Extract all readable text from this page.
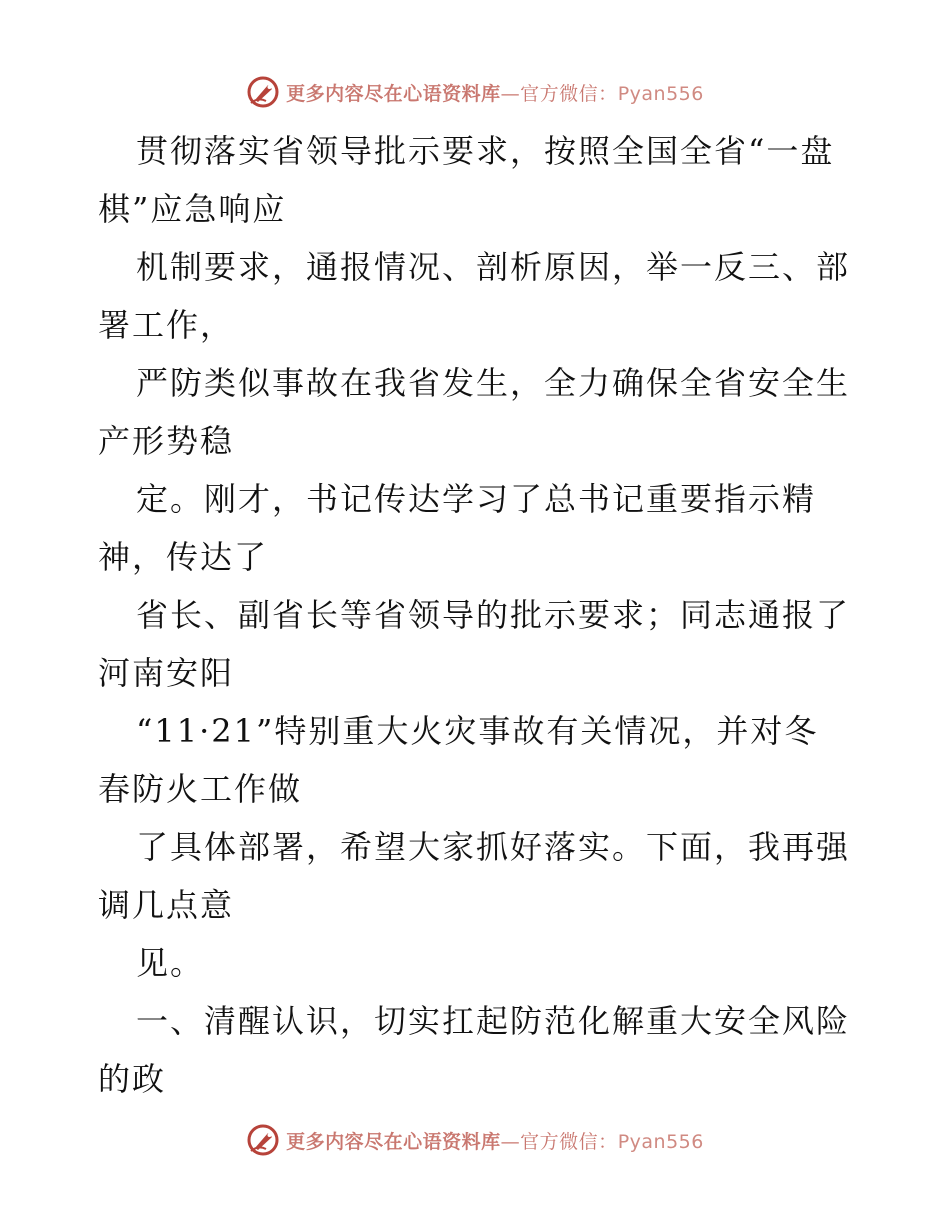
更多内容尽在心语资料库—官方微信：Pyan556
贯彻落实省领导批示要求，按照全国全省“一盘
棋”应急响应
机制要求，通报情况、剖析原因，举一反三、部
署工作，
严防类似事故在我省发生，全力确保全省安全生
产形势稳
定。刚才，书记传达学习了总书记重要指示精
神，传达了
省长、副省长等省领导的批示要求；同志通报了
河南安阳
“11·21”特别重大火灾事故有关情况，并对冬
春防火工作做
了具体部署，希望大家抓好落实。下面，我再强
调几点意
见。
一、清醒认识，切实扛起防范化解重大安全风险
的政
更多内容尽在心语资料库—官方微信：Pyan556
